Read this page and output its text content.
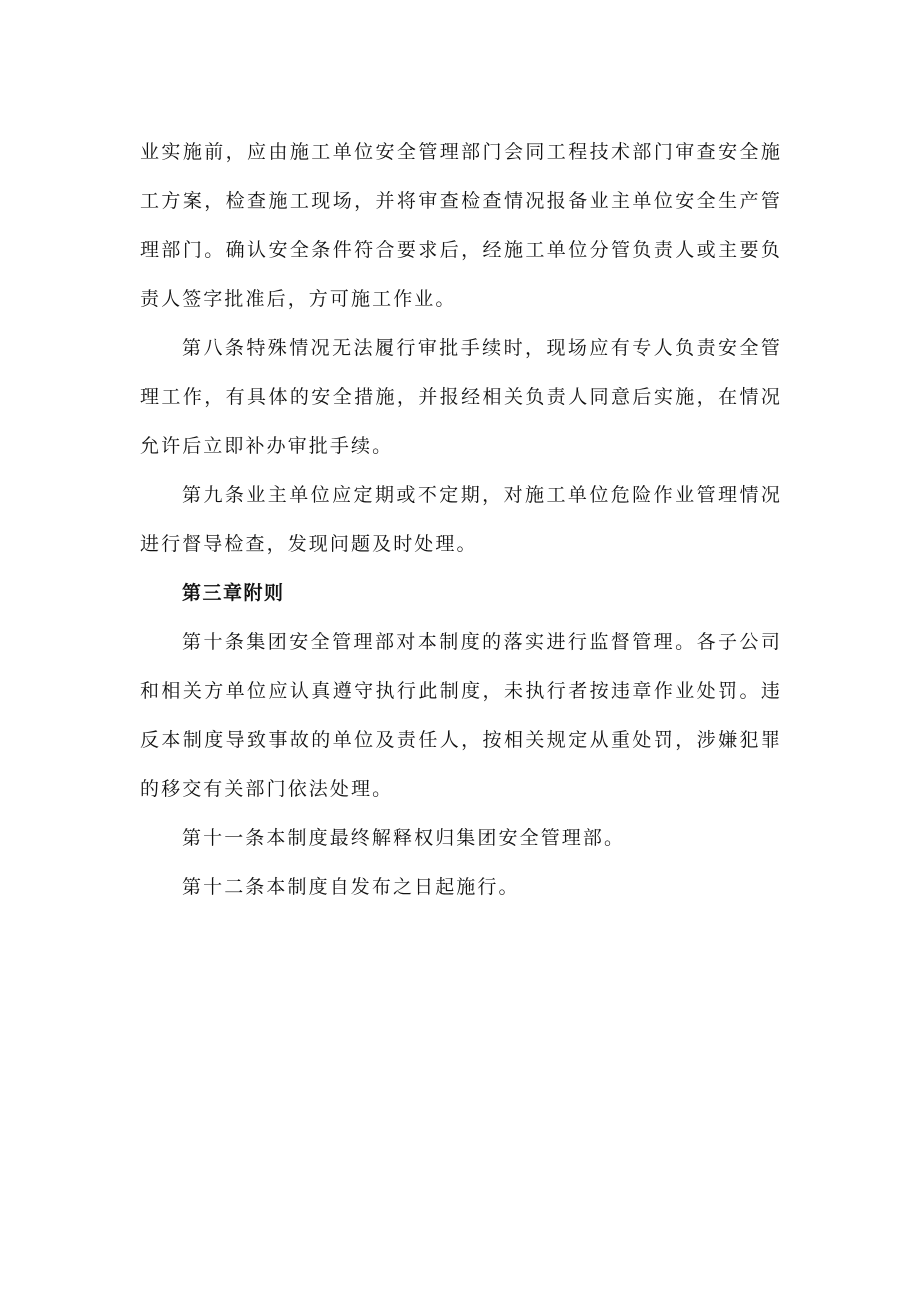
业实施前，应由施工单位安全管理部门会同工程技术部门审查安全施工方案，检查施工现场，并将审查检查情况报备业主单位安全生产管理部门。确认安全条件符合要求后，经施工单位分管负责人或主要负责人签字批准后，方可施工作业。

第八条特殊情况无法履行审批手续时，现场应有专人负责安全管理工作，有具体的安全措施，并报经相关负责人同意后实施，在情况允许后立即补办审批手续。

第九条业主单位应定期或不定期，对施工单位危险作业管理情况进行督导检查，发现问题及时处理。

第三章附则

第十条集团安全管理部对本制度的落实进行监督管理。各子公司和相关方单位应认真遵守执行此制度，未执行者按违章作业处罚。违反本制度导致事故的单位及责任人，按相关规定从重处罚，涉嫌犯罪的移交有关部门依法处理。

第十一条本制度最终解释权归集团安全管理部。

第十二条本制度自发布之日起施行。
